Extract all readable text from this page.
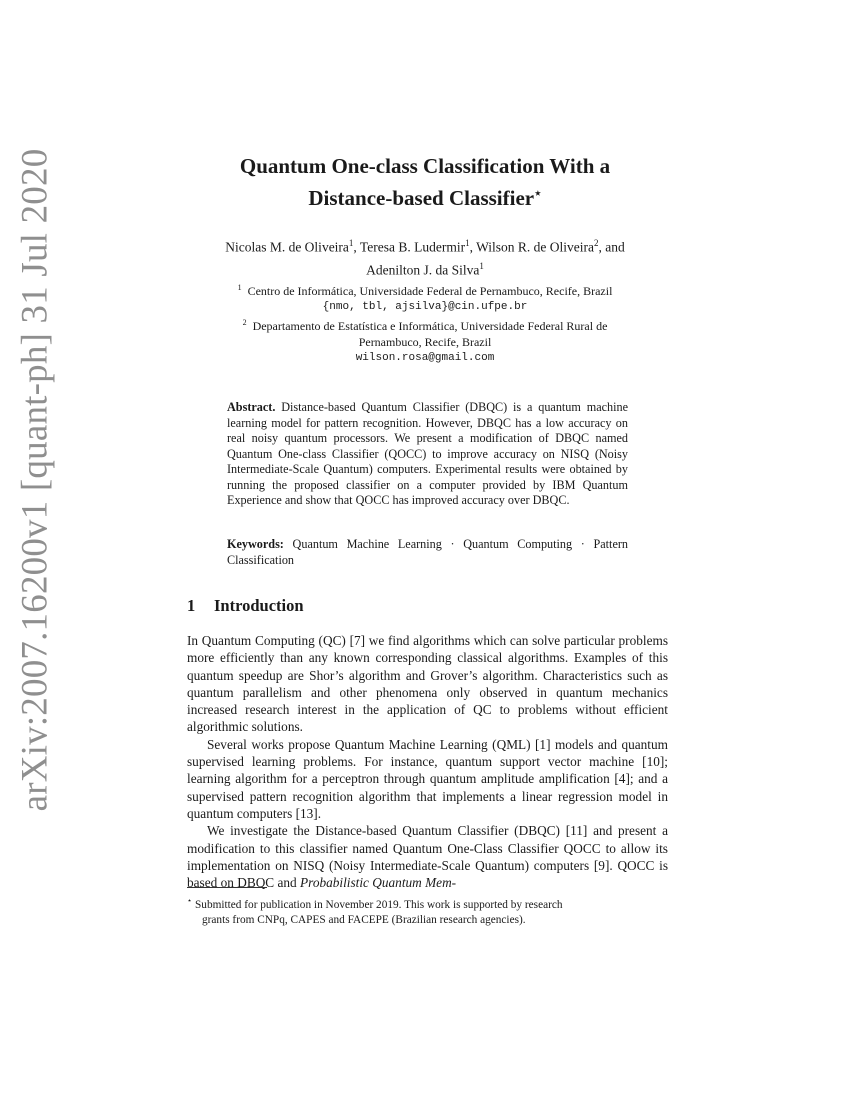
arXiv:2007.16200v1 [quant-ph] 31 Jul 2020	Quantum One-class Classification With a
Distance-based Classifier⋆
Nicolas M. de Oliveira$^1$, Teresa B. Ludermir$^1$, Wilson R. de Oliveira$^2$, and
Adenilton J. da Silva$^1$
$^1$ Centro de Informática, Universidade Federal de Pernambuco, Recife, Brazil
{nmo, tbl, ajsilva}@cin.ufpe.br
$^2$ Departamento de Estatística e Informática, Universidade Federal Rural de
Pernambuco, Recife, Brazil
wilson.rosa@gmail.com
Abstract. Distance-based Quantum Classifier (DBQC) is a quantum machine learning model for pattern recognition. However, DBQC has a low accuracy on real noisy quantum processors. We present a modification of DBQC named Quantum One-class Classifier (QOCC) to improve accuracy on NISQ (Noisy Intermediate-Scale Quantum) computers. Experimental results were obtained by running the proposed classifier on a computer provided by IBM Quantum Experience and show that QOCC has improved accuracy over DBQC.
Keywords: Quantum Machine Learning · Quantum Computing · Pattern Classification
1 Introduction

In Quantum Computing (QC) [7] we find algorithms which can solve particular problems more efficiently than any known corresponding classical algorithms. Examples of this quantum speedup are Shor’s algorithm and Grover’s algorithm. Characteristics such as quantum parallelism and other phenomena only observed in quantum mechanics increased research interest in the application of QC to problems without efficient algorithmic solutions.

Several works propose Quantum Machine Learning (QML) [1] models and quantum supervised learning problems. For instance, quantum support vector machine [10]; learning algorithm for a perceptron through quantum amplitude amplification [4]; and a supervised pattern recognition algorithm that implements a linear regression model in quantum computers [13].

We investigate the Distance-based Quantum Classifier (DBQC) [11] and present a modification to this classifier named Quantum One-Class Classifier QOCC to allow its implementation on NISQ (Noisy Intermediate-Scale Quantum) computers [9]. QOCC is based on DBQC and Probabilistic Quantum Mem-

⋆ Submitted for publication in November 2019. This work is supported by research
grants from CNPq, CAPES and FACEPE (Brazilian research agencies).
